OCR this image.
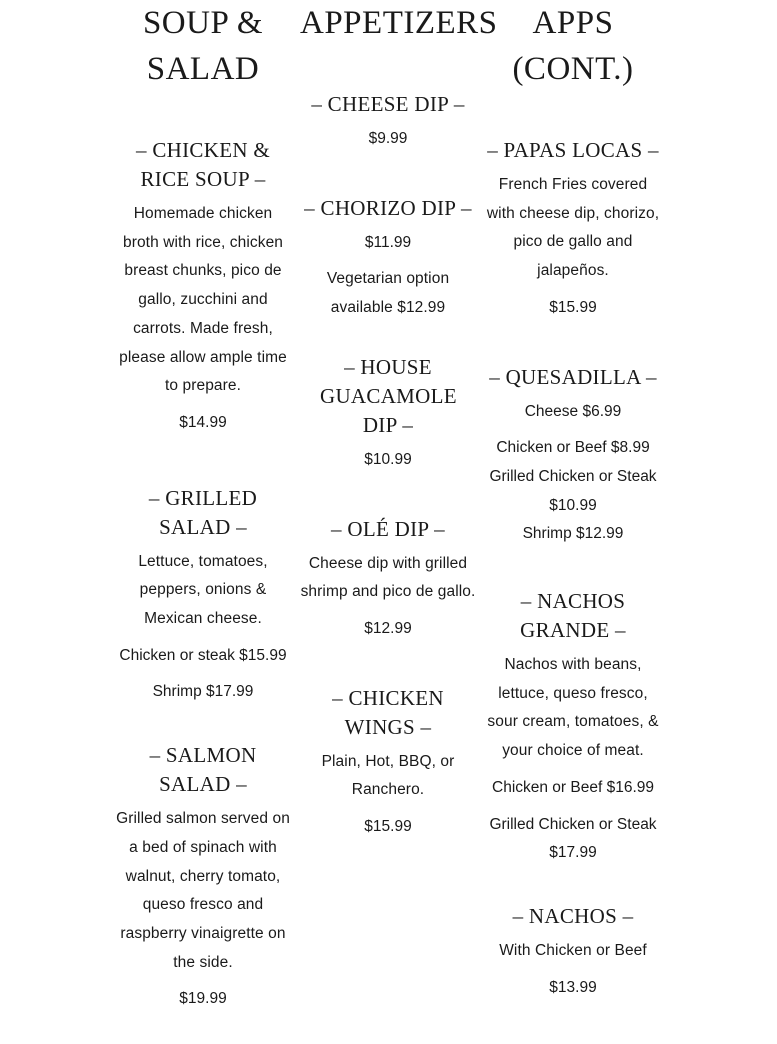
SOUP & SALAD
– CHICKEN & RICE SOUP –

Homemade chicken broth with rice, chicken breast chunks, pico de gallo, zucchini and carrots. Made fresh, please allow ample time to prepare.

$14.99

– GRILLED SALAD –

Lettuce, tomatoes, peppers, onions & Mexican cheese.

Chicken or steak $15.99

Shrimp $17.99

– SALMON SALAD –

Grilled salmon served on a bed of spinach with walnut, cherry tomato, queso fresco and raspberry vinaigrette on the side.

$19.99

APPETIZERS
– CHEESE DIP –

$9.99

– CHORIZO DIP –

$11.99

Vegetarian option available $12.99

– HOUSE GUACAMOLE DIP –

$10.99

– OLÉ DIP –

Cheese dip with grilled shrimp and pico de gallo.

$12.99

– CHICKEN WINGS –

Plain, Hot, BBQ, or Ranchero.

$15.99

APPS (CONT.)
– PAPAS LOCAS –

French Fries covered with cheese dip, chorizo, pico de gallo and jalapeños.

$15.99

– QUESADILLA –

Cheese $6.99

Chicken or Beef $8.99

Grilled Chicken or Steak $10.99

Shrimp $12.99

– NACHOS GRANDE –

Nachos with beans, lettuce, queso fresco, sour cream, tomatoes, & your choice of meat.

Chicken or Beef $16.99

Grilled Chicken or Steak $17.99

– NACHOS –

With Chicken or Beef

$13.99
